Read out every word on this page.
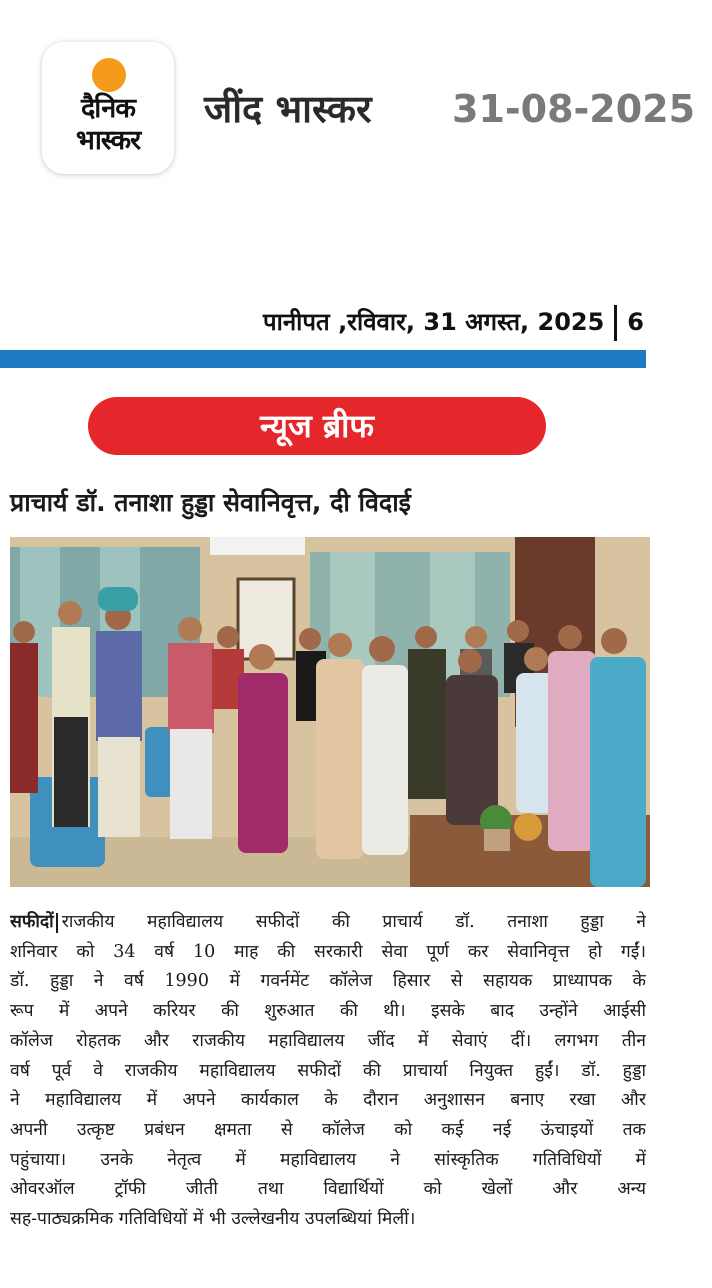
दैनिक
भास्कर
जींद भास्कर 31-08-2025
पानीपत ,रविवार, 31 अगस्त, 2025 6
न्यूज ब्रीफ
प्राचार्य डॉ. तनाशा हुड्डा सेवानिवृत्त, दी विदाई
सफीदों राजकीय महाविद्यालय सफीदों की प्राचार्य डॉ. तनाशा हुड्डा ने
शनिवार को 34 वर्ष 10 माह की सरकारी सेवा पूर्ण कर सेवानिवृत्त हो गईं।
डॉ. हुड्डा ने वर्ष 1990 में गवर्नमेंट कॉलेज हिसार से सहायक प्राध्यापक के
रूप में अपने करियर की शुरुआत की थी। इसके बाद उन्होंने आईसी
कॉलेज रोहतक और राजकीय महाविद्यालय जींद में सेवाएं दीं। लगभग तीन
वर्ष पूर्व वे राजकीय महाविद्यालय सफीदों की प्राचार्या नियुक्त हुईं। डॉ. हुड्डा
ने महाविद्यालय में अपने कार्यकाल के दौरान अनुशासन बनाए रखा और
अपनी उत्कृष्ट प्रबंधन क्षमता से कॉलेज को कई नई ऊंचाइयों तक
पहुंचाया। उनके नेतृत्व में महाविद्यालय ने सांस्कृतिक गतिविधियों में
ओवरऑल ट्रॉफी जीती तथा विद्यार्थियों को खेलों और अन्य
सह-पाठ्यक्रमिक गतिविधियों में भी उल्लेखनीय उपलब्धियां मिलीं।
